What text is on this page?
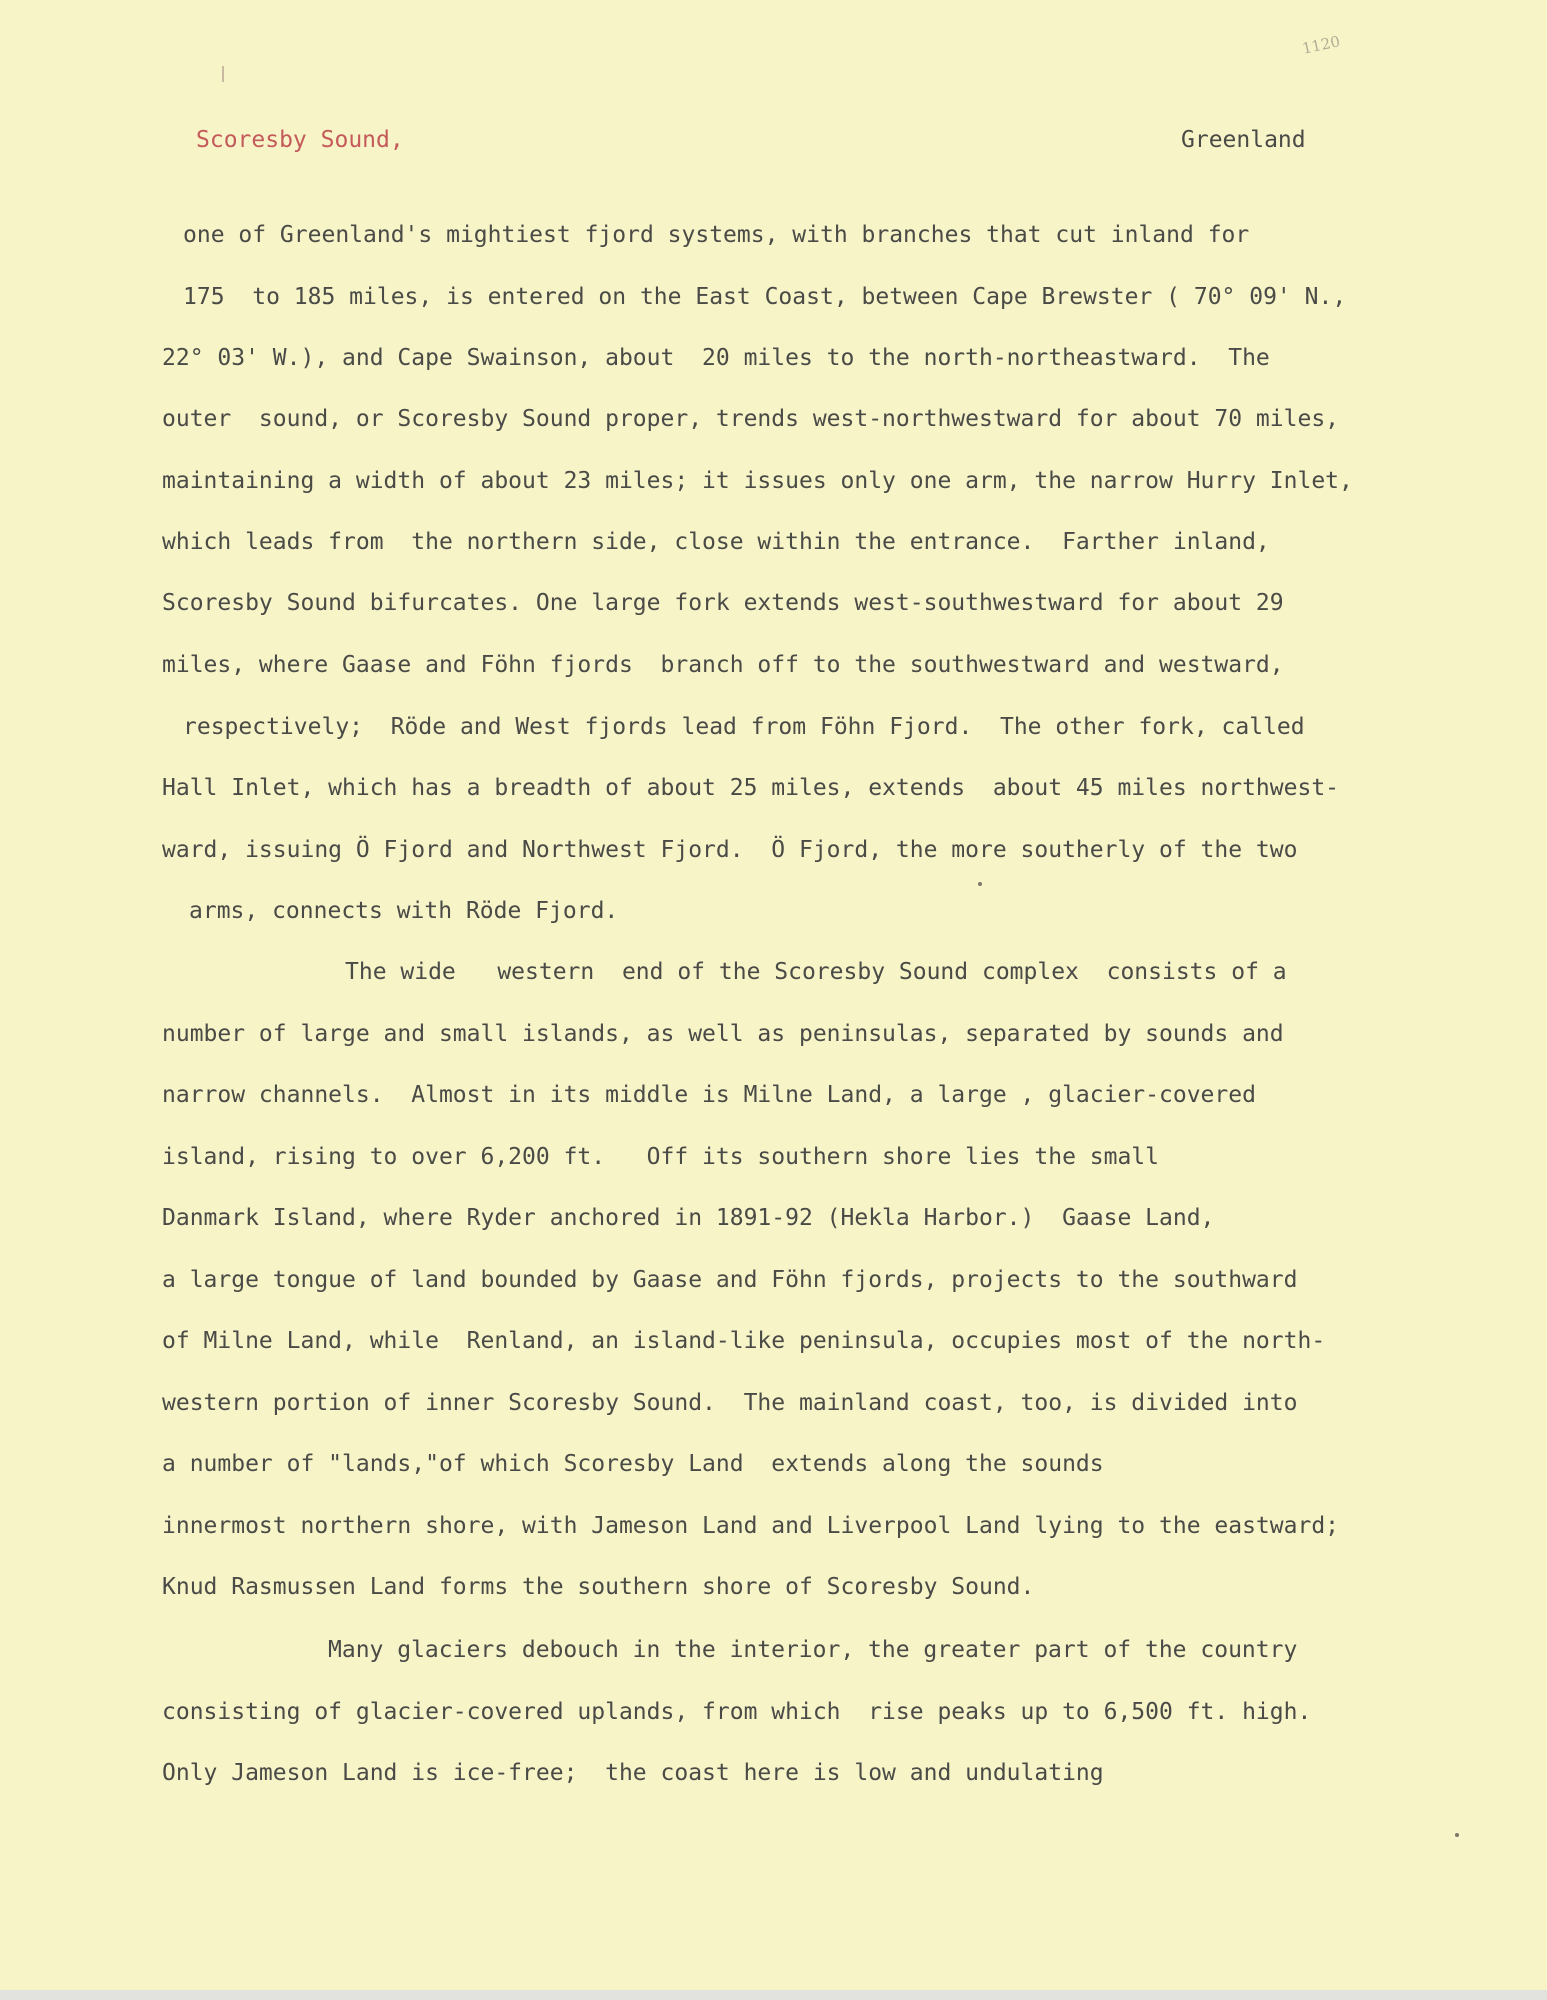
1120
Scoresby Sound,	Greenland
one of Greenland's mightiest fjord systems, with branches that cut inland for
175  to 185 miles, is entered on the East Coast, between Cape Brewster ( 70° 09' N.,
22° 03' W.), and Cape Swainson, about  20 miles to the north-northeastward.  The
outer  sound, or Scoresby Sound proper, trends west-northwestward for about 70 miles,
maintaining a width of about 23 miles; it issues only one arm, the narrow Hurry Inlet,
which leads from  the northern side, close within the entrance.  Farther inland,
Scoresby Sound bifurcates. One large fork extends west-southwestward for about 29
miles, where Gaase and Föhn fjords  branch off to the southwestward and westward,
respectively;  Röde and West fjords lead from Föhn Fjord.  The other fork, called
Hall Inlet, which has a breadth of about 25 miles, extends  about 45 miles northwest-
ward, issuing Ö Fjord and Northwest Fjord.  Ö Fjord, the more southerly of the two
arms, connects with Röde Fjord.
The wide   western  end of the Scoresby Sound complex  consists of a
number of large and small islands, as well as peninsulas, separated by sounds and
narrow channels.  Almost in its middle is Milne Land, a large , glacier-covered
island, rising to over 6,200 ft.   Off its southern shore lies the small
Danmark Island, where Ryder anchored in 1891-92 (Hekla Harbor.)  Gaase Land,
a large tongue of land bounded by Gaase and Föhn fjords, projects to the southward
of Milne Land, while  Renland, an island-like peninsula, occupies most of the north-
western portion of inner Scoresby Sound.  The mainland coast, too, is divided into
a number of "lands,"of which Scoresby Land  extends along the sounds
innermost northern shore, with Jameson Land and Liverpool Land lying to the eastward;
Knud Rasmussen Land forms the southern shore of Scoresby Sound.
Many glaciers debouch in the interior, the greater part of the country
consisting of glacier-covered uplands, from which  rise peaks up to 6,500 ft. high.
Only Jameson Land is ice-free;  the coast here is low and undulating
